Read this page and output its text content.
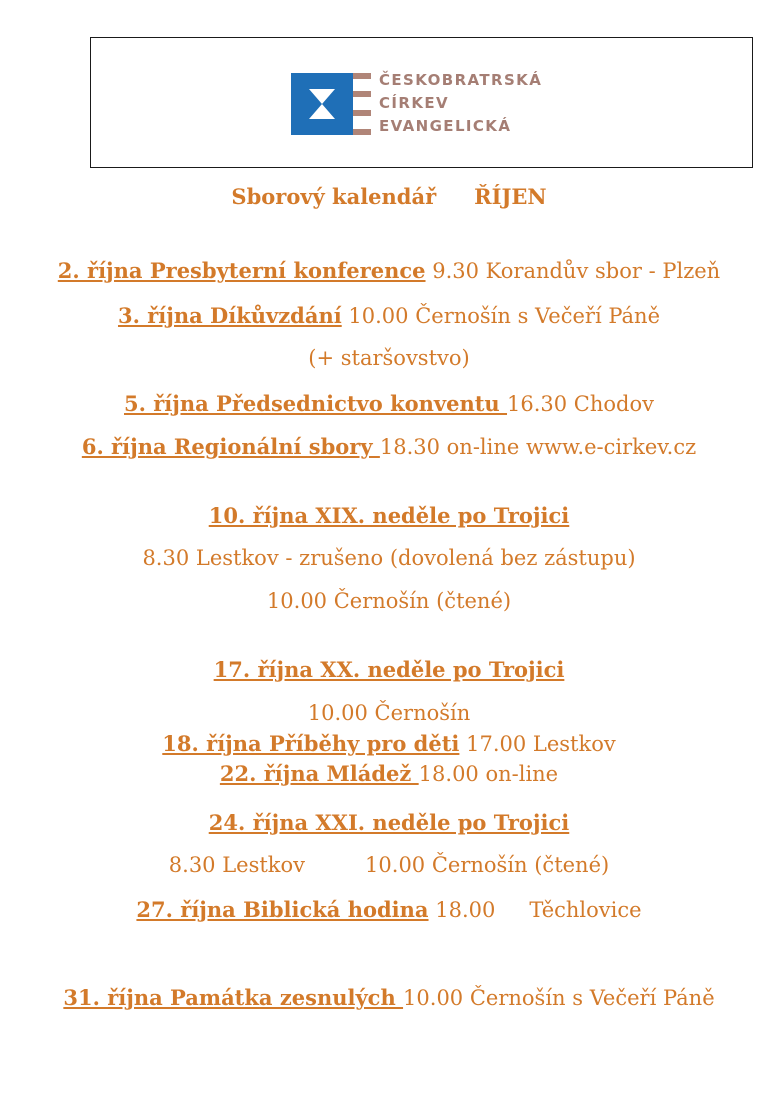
ČESKOBRATRSKÁ
CÍRKEV
EVANGELICKÁ
Sborový kalendář ŘÍJEN
2. října Presbyterní konference 9.30 Korandův sbor - Plzeň
3. října Díkůvzdání 10.00 Černošín s Večeří Páně
(+ staršovstvo)
5. října Předsednictvo konventu 16.30 Chodov
6. října Regionální sbory 18.30 on-line www.e-cirkev.cz
10. října XIX. neděle po Trojici
8.30 Lestkov - zrušeno (dovolená bez zástupu)
10.00 Černošín (čtené)
17. října XX. neděle po Trojici
10.00 Černošín
18. října Příběhy pro děti 17.00 Lestkov
22. října Mládež 18.00 on-line
24. října XXI. neděle po Trojici
8.30 Lestkov	10.00 Černošín (čtené)
27. října Biblická hodina 18.00 Těchlovice
31. října Památka zesnulých 10.00 Černošín s Večeří Páně
